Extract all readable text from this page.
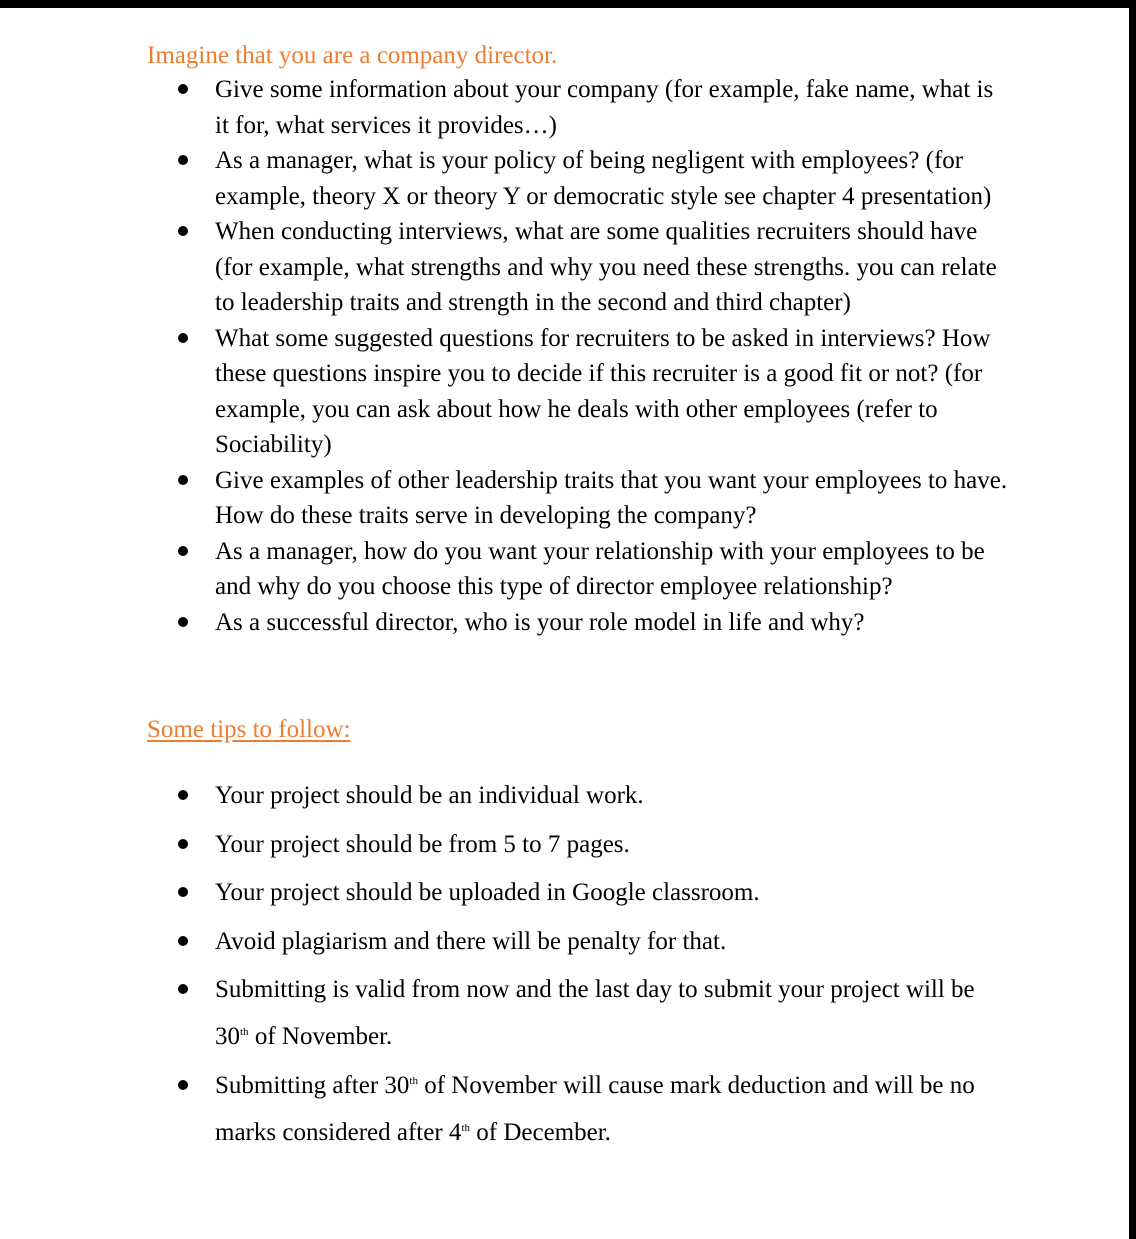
Imagine that you are a company director.
Give some information about your company (for example, fake name, what is it for, what services it provides…)
As a manager, what is your policy of being negligent with employees? (for example, theory X or theory Y or democratic style see chapter 4 presentation)
When conducting interviews, what are some qualities recruiters should have (for example, what strengths and why you need these strengths. you can relate to leadership traits and strength in the second and third chapter)
What some suggested questions for recruiters to be asked in interviews? How these questions inspire you to decide if this recruiter is a good fit or not? (for example, you can ask about how he deals with other employees (refer to Sociability)
Give examples of other leadership traits that you want your employees to have. How do these traits serve in developing the company?
As a manager, how do you want your relationship with your employees to be and why do you choose this type of director employee relationship?
As a successful director, who is your role model in life and why?
Some tips to follow:
Your project should be an individual work.
Your project should be from 5 to 7 pages.
Your project should be uploaded in Google classroom.
Avoid plagiarism and there will be penalty for that.
Submitting is valid from now and the last day to submit your project will be 30th of November.
Submitting after 30th of November will cause mark deduction and will be no marks considered after 4th of December.
